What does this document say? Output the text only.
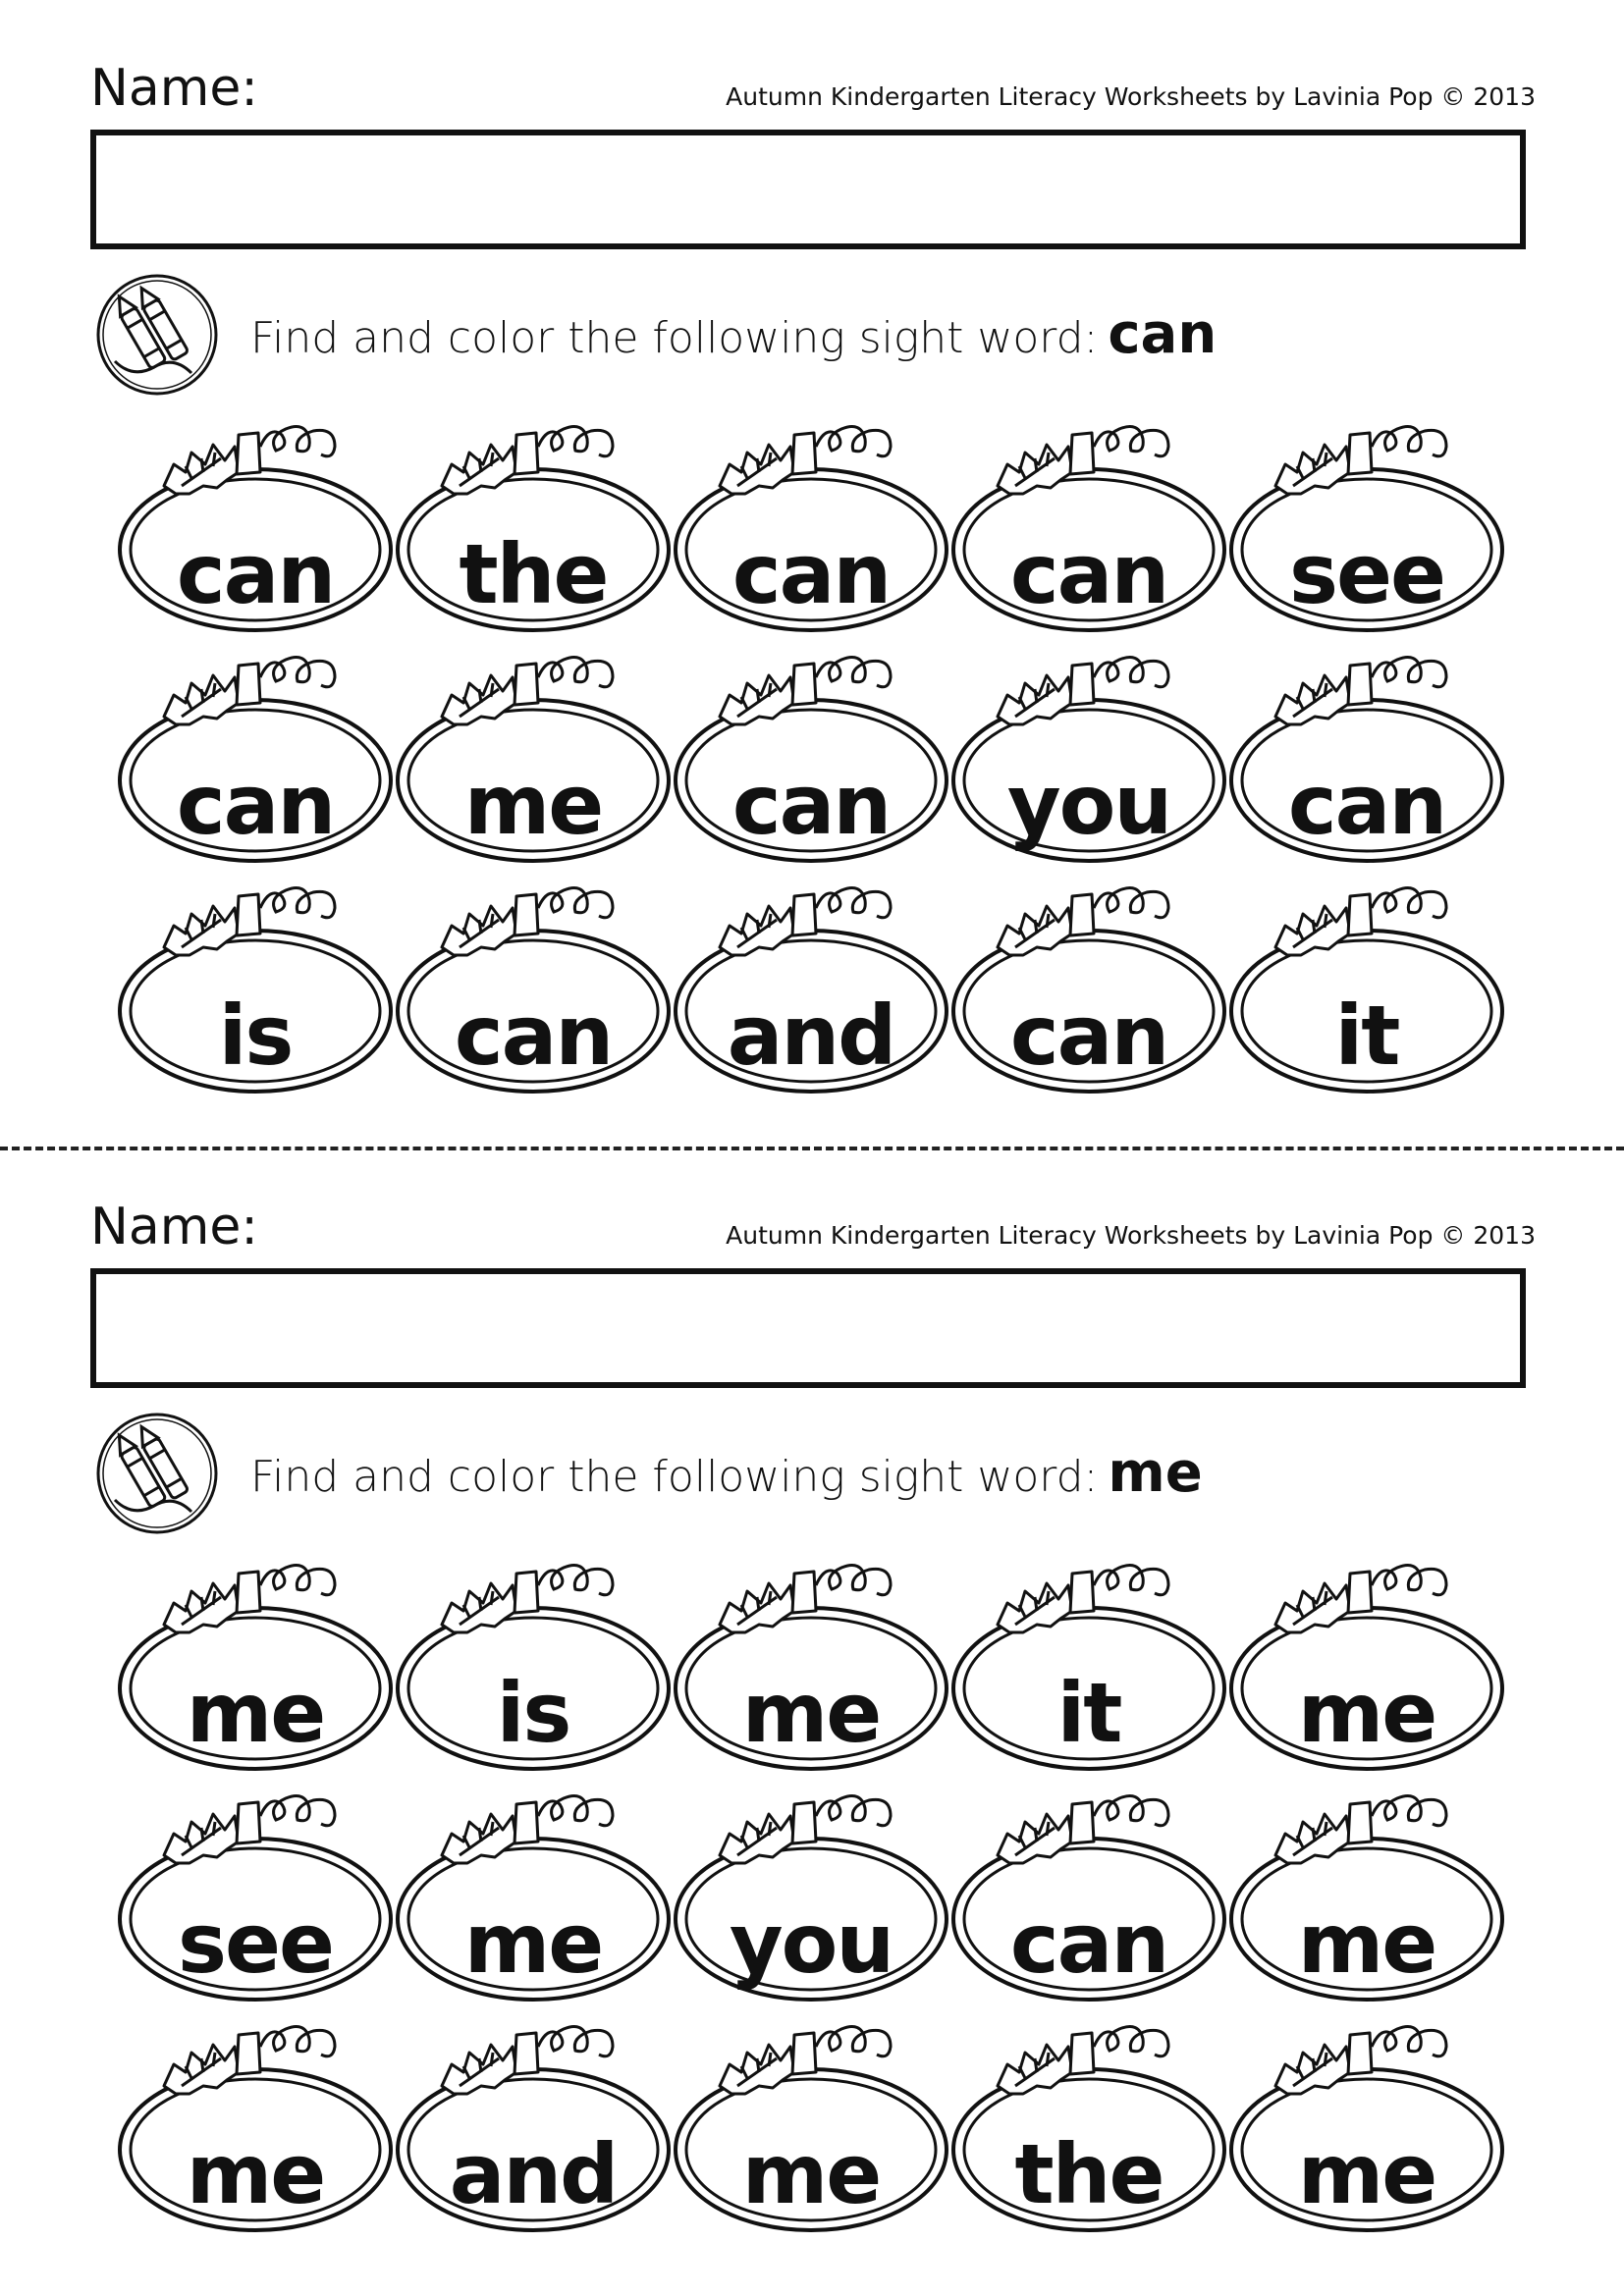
Name:	Autumn Kindergarten Literacy Worksheets by Lavinia Pop © 2013
Find and color the following sight word: can
can	the	can	can	see
can	me	can	you	can
is	can	and	can	it
Name:	Autumn Kindergarten Literacy Worksheets by Lavinia Pop © 2013
Find and color the following sight word: me
me	is	me	it	me
see	me	you	can	me
me	and	me	the	me
